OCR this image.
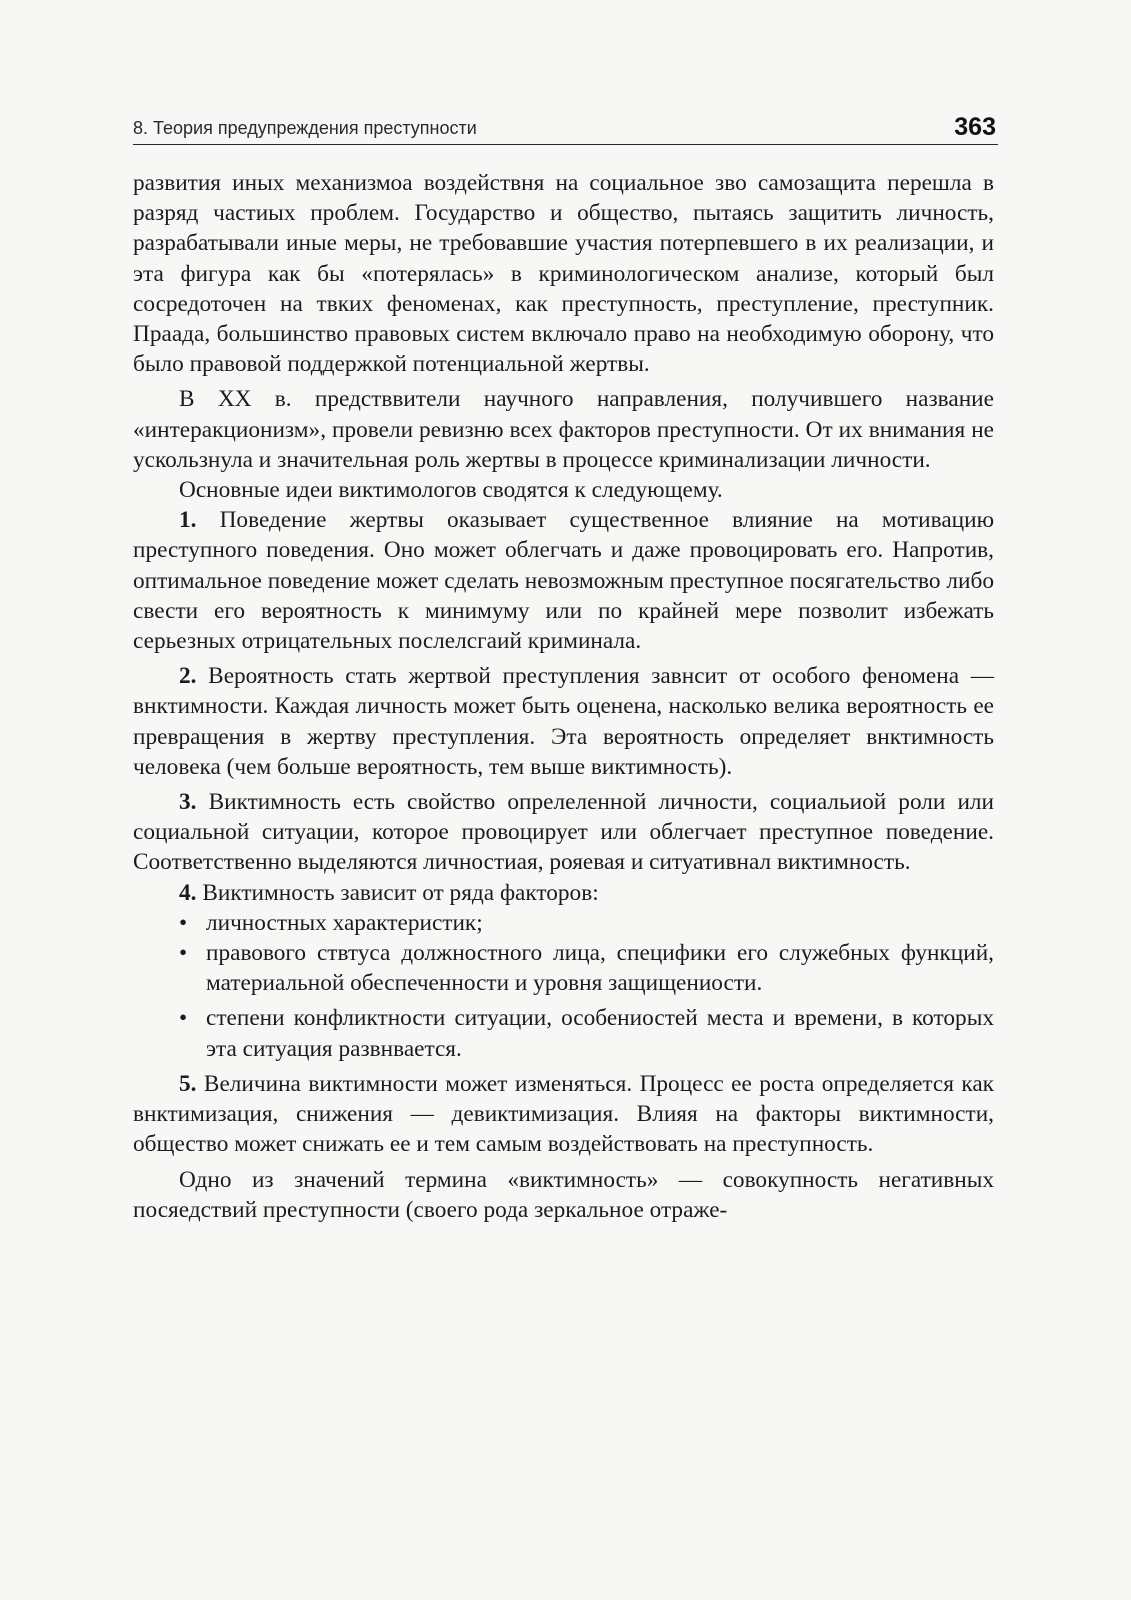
8. Теория предупреждения преступности	363

развития иных механизмоа воздействня на социальное зво самозащита перешла в разряд частиых проблем. Государство и общество, пытаясь защитить личность, разрабатывали иные меры, не требовавшие участия потерпевшего в их реализации, и эта фигура как бы «потерялась» в криминологическом анализе, который был сосредоточен на твких феноменах, как преступность, преступление, преступник. Праада, большинство правовых систем включало право на необходимую оборону, что было правовой поддержкой потенциальной жертвы.

В XX в. предстввители научного направления, получившего название «интеракционизм», провели ревизню всех факторов преступности. От их внимания не ускользнула и значительная роль жертвы в процессе криминализации личности.

Основные идеи виктимологов сводятся к следующему.

1. Поведение жертвы оказывает существенное влияние на мотивацию преступного поведения. Оно может облегчать и даже провоцировать его. Напротив, оптимальное поведение может сделать невозможным преступное посягательство либо свести его вероятность к минимуму или по крайней мере позволит избежать серьезных отрицательных послелсгаий криминала.

2. Вероятность стать жертвой преступления завнсит от особого феномена — внктимности. Каждая личность может быть оценена, насколько велика вероятность ее превращения в жертву преступления. Эта вероятность определяет внктимность человека (чем больше вероятность, тем выше виктимность).

3. Виктимность есть свойство опрелеленной личности, социальиой роли или социальной ситуации, которое провоцирует или облегчает преступное поведение. Соответственно выделяются личностиая, рояевая и ситуативнал виктимность.

4. Виктимность зависит от ряда факторов:

• личностных характеристик;
• правового ствтуса должностного лица, специфики его служебных функций, материальной обеспеченности и уровня защищениости.
• степени конфликтности ситуации, особениостей места и времени, в которых эта ситуация развнвается.

5. Величина виктимности может изменяться. Процесс ее роста определяется как внктимизация, снижения — девиктимизация. Влияя на факторы виктимности, общество может снижать ее и тем самым воздействовать на преступность.

Одно из значений термина «виктимность» — совокупность негативных посяедствий преступности (своего рода зеркальное отраже-
